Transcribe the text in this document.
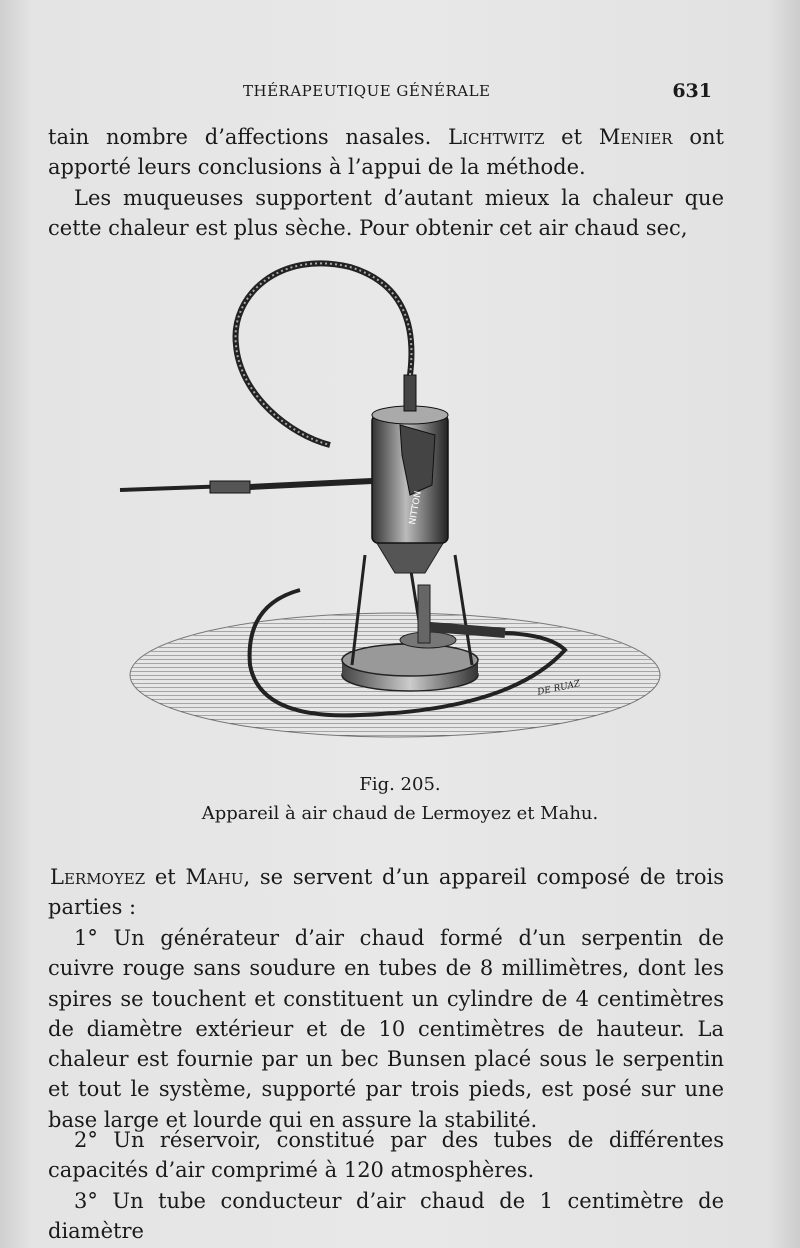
THÉRAPEUTIQUE GÉNÉRALE	631

tain nombre d’affections nasales. Lichtwitz et Menier ont apporté leurs conclusions à l’appui de la méthode.

Les muqueuses supportent d’autant mieux la chaleur que cette chaleur est plus sèche. Pour obtenir cet air chaud sec,

NITTON
DE RUAZ
Fig. 205.
Appareil à air chaud de Lermoyez et Mahu.

Lermoyez et Mahu, se servent d’un appareil composé de trois parties :

1° Un générateur d’air chaud formé d’un serpentin de cuivre rouge sans soudure en tubes de 8 millimètres, dont les spires se touchent et constituent un cylindre de 4 centimètres de diamètre extérieur et de 10 centimètres de hauteur. La chaleur est fournie par un bec Bunsen placé sous le serpentin et tout le système, supporté par trois pieds, est posé sur une base large et lourde qui en assure la stabilité.

2° Un réservoir, constitué par des tubes de différentes capacités d’air comprimé à 120 atmosphères.

3° Un tube conducteur d’air chaud de 1 centimètre de diamètre
